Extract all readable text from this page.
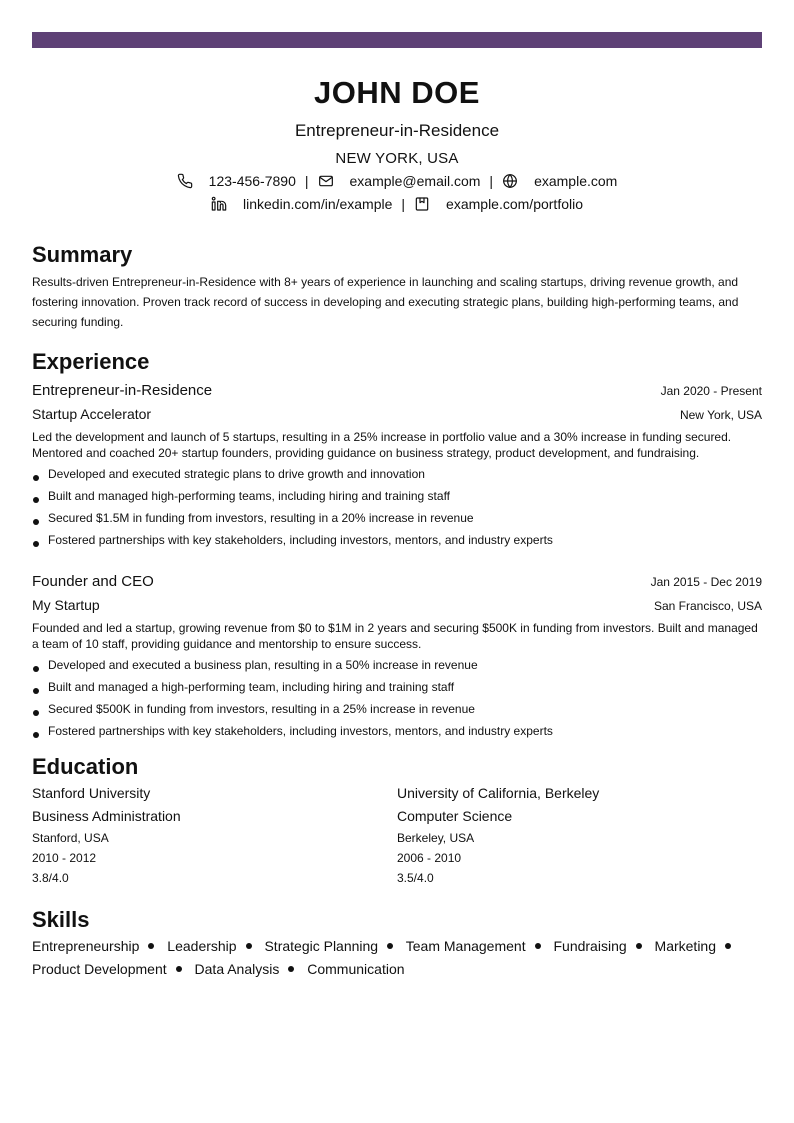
JOHN DOE
Entrepreneur-in-Residence
NEW YORK, USA
123-456-7890 |	example@email.com |	example.com
linkedin.com/in/example |	example.com/portfolio
Summary

Results-driven Entrepreneur-in-Residence with 8+ years of experience in launching and scaling startups, driving revenue growth, and fostering innovation. Proven track record of success in developing and executing strategic plans, building high-performing teams, and securing funding.

Experience
Entrepreneur-in-Residence	Jan 2020 - Present
Startup Accelerator	New York, USA
Led the development and launch of 5 startups, resulting in a 25% increase in portfolio value and a 30% increase in funding secured. Mentored and coached 20+ startup founders, providing guidance on business strategy, product development, and fundraising.
Developed and executed strategic plans to drive growth and innovation
Built and managed high-performing teams, including hiring and training staff
Secured $1.5M in funding from investors, resulting in a 20% increase in revenue
Fostered partnerships with key stakeholders, including investors, mentors, and industry experts
Founder and CEO	Jan 2015 - Dec 2019
My Startup	San Francisco, USA
Founded and led a startup, growing revenue from $0 to $1M in 2 years and securing $500K in funding from investors. Built and managed a team of 10 staff, providing guidance and mentorship to ensure success.
Developed and executed a business plan, resulting in a 50% increase in revenue
Built and managed a high-performing team, including hiring and training staff
Secured $500K in funding from investors, resulting in a 25% increase in revenue
Fostered partnerships with key stakeholders, including investors, mentors, and industry experts
Education
Stanford University
Business Administration
Stanford, USA
2010 - 2012
3.8/4.0
University of California, Berkeley
Computer Science
Berkeley, USA
2006 - 2010
3.5/4.0
Skills
Entrepreneurship Leadership Strategic Planning Team Management Fundraising Marketing
Product Development Data Analysis Communication
